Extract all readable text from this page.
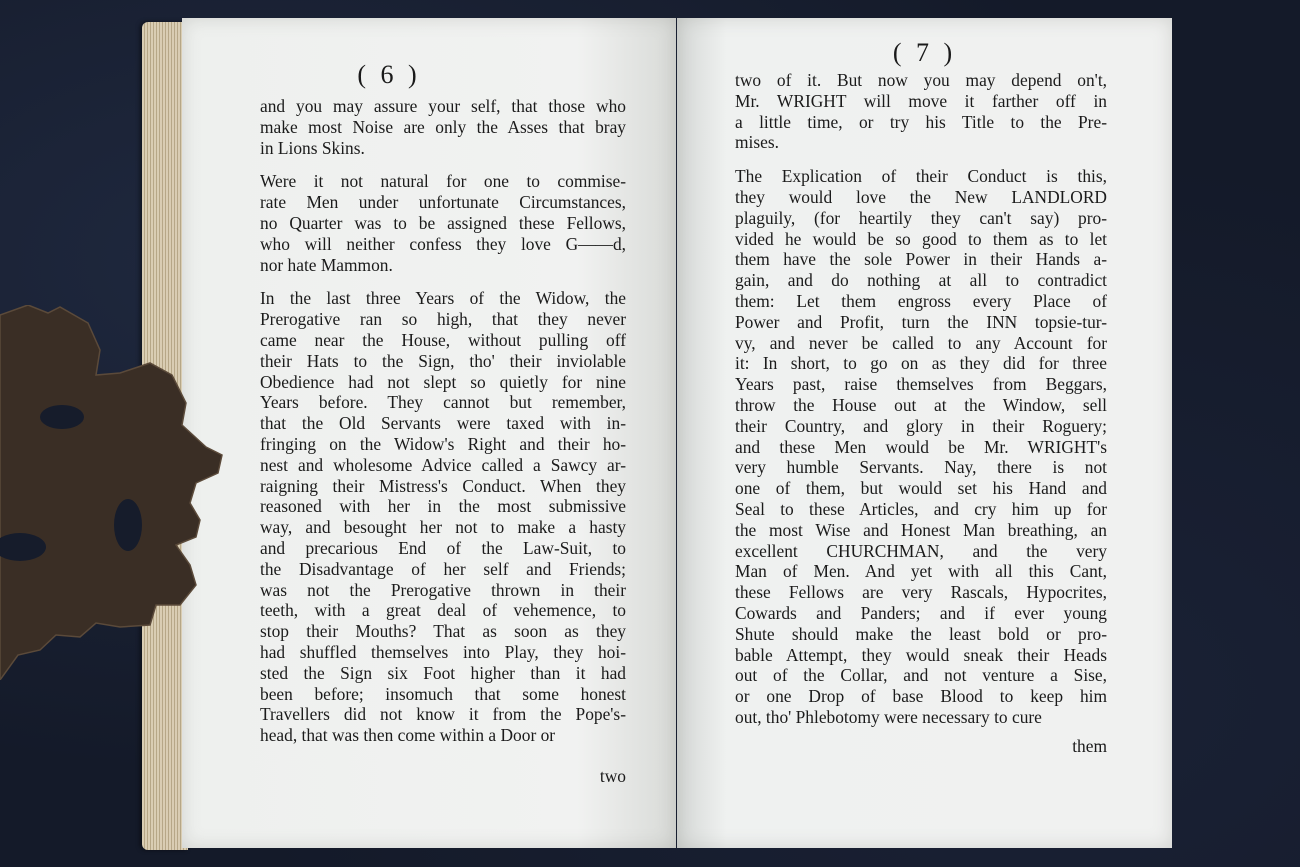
( 6 )
and you may assure your self, that those who
make most Noise are only the Asses that bray
in Lions Skins.
Were it not natural for one to commise-
rate Men under unfortunate Circumstances,
no Quarter was to be assigned these Fellows,
who will neither confess they love G——d,
nor hate Mammon.
In the last three Years of the Widow, the
Prerogative ran so high, that they never
came near the House, without pulling off
their Hats to the Sign, tho' their inviolable
Obedience had not slept so quietly for nine
Years before. They cannot but remember,
that the Old Servants were taxed with in-
fringing on the Widow's Right and their ho-
nest and wholesome Advice called a Sawcy ar-
raigning their Mistress's Conduct. When they
reasoned with her in the most submissive
way, and besought her not to make a hasty
and precarious End of the Law-Suit, to
the Disadvantage of her self and Friends;
was not the Prerogative thrown in their
teeth, with a great deal of vehemence, to
stop their Mouths? That as soon as they
had shuffled themselves into Play, they hoi-
sted the Sign six Foot higher than it had
been before; insomuch that some honest
Travellers did not know it from the Pope's-
head, that was then come within a Door or
two
( 7 )
two of it. But now you may depend on't,
Mr. WRIGHT will move it farther off in
a little time, or try his Title to the Pre-
mises.
The Explication of their Conduct is this,
they would love the New LANDLORD
plaguily, (for heartily they can't say) pro-
vided he would be so good to them as to let
them have the sole Power in their Hands a-
gain, and do nothing at all to contradict
them: Let them engross every Place of
Power and Profit, turn the INN topsie-tur-
vy, and never be called to any Account for
it: In short, to go on as they did for three
Years past, raise themselves from Beggars,
throw the House out at the Window, sell
their Country, and glory in their Roguery;
and these Men would be Mr. WRIGHT's
very humble Servants. Nay, there is not
one of them, but would set his Hand and
Seal to these Articles, and cry him up for
the most Wise and Honest Man breathing, an
excellent CHURCHMAN, and the very
Man of Men. And yet with all this Cant,
these Fellows are very Rascals, Hypocrites,
Cowards and Panders; and if ever young
Shute should make the least bold or pro-
bable Attempt, they would sneak their Heads
out of the Collar, and not venture a Sise,
or one Drop of base Blood to keep him
out, tho' Phlebotomy were necessary to cure
them
